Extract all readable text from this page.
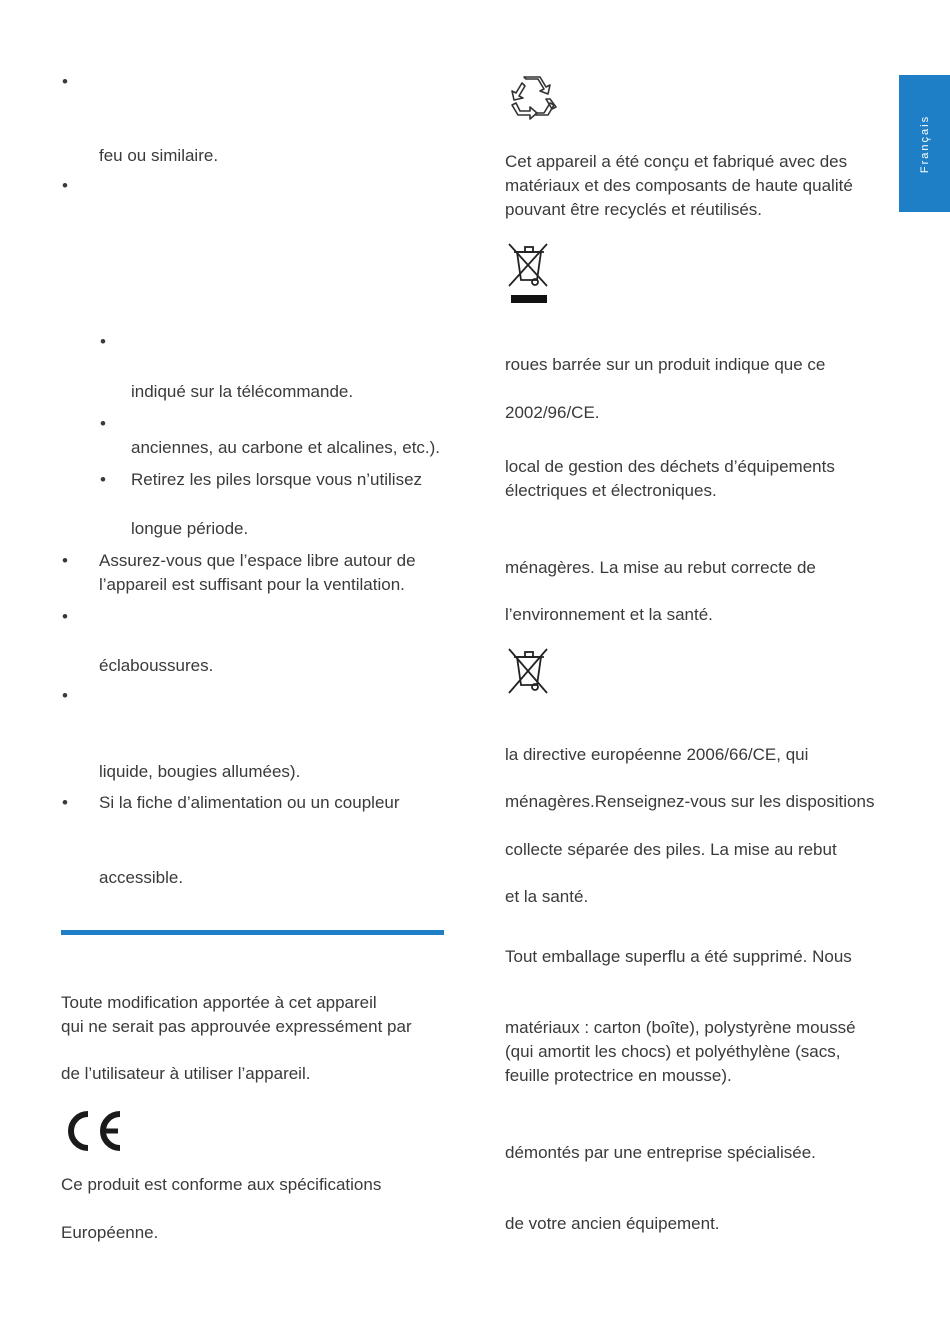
Français
•
feu ou similaire.
•
•
indiqué sur la télécommande.
•
anciennes, au carbone et alcalines, etc.).
• Retirez les piles lorsque vous n’utilisez
longue période.
• Assurez-vous que l’espace libre autour de
l’appareil est suffisant pour la ventilation.
•
éclaboussures.
•
liquide, bougies allumées).
• Si la fiche d’alimentation ou un coupleur
accessible.
Toute modification apportée à cet appareil
qui ne serait pas approuvée expressément par
de l’utilisateur à utiliser l’appareil.
Ce produit est conforme aux spécifications
Européenne.
Cet appareil a été conçu et fabriqué avec des
matériaux et des composants de haute qualité
pouvant être recyclés et réutilisés.
roues barrée sur un produit indique que ce
2002/96/CE.
local de gestion des déchets d’équipements
électriques et électroniques.
ménagères. La mise au rebut correcte de
l’environnement et la santé.
la directive européenne 2006/66/CE, qui
ménagères.Renseignez-vous sur les dispositions
collecte séparée des piles. La mise au rebut
et la santé.
Tout emballage superflu a été supprimé. Nous
matériaux : carton (boîte), polystyrène moussé
(qui amortit les chocs) et polyéthylène (sacs,
feuille protectrice en mousse).
démontés par une entreprise spécialisée.
de votre ancien équipement.
